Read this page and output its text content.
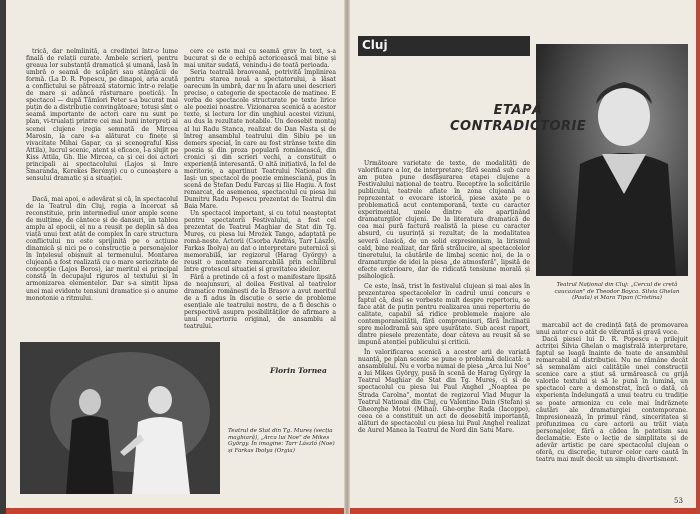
trică, dar neîmlinită, a credinței într-o lume finală de relații curate. Ambele scrieri, pentru greaua lor substanță dramatică și umană, lasă în umbră o seamă de scăpări sau stângăcii de formă. (La D. R. Popescu, pe dinapoi, aria acută a conflictului se pătrează statornic într-o relație de mare și adâncă răsturnare poetică). În spectacol — după Tămîori Peter s-a bucurat mai puțin de a distribuție convingătoare; totuși sînt o seamă importante de actori care nu sunt pe plan, vi-trualați printre cei mai buni interpreți ai scenei clujene (regia semnată de Mircea Marosin, la care s-a alăturat cu finețe și vivacitate Mihai Gapar, ca și scenograful Kiss Attila), lucrul scenic, atent și eficace, l-a slujit pe Kiss Attila, Gh. Ilie Mircea, ca și cei doi actori principali ai spectacolului (Lajos și Imre Smaranda, Kerekes Berényi) cu o cunoaștere a sensului dramatic și a situației.

Dacă, mai apoi, e adevărat și că, în spectacolul de la Teatrul din Cluj, regia a încercat să reconstituie, prin intermediul unor ample scene de mulțime, de cântece și de dansuri, un tablou amplu al epocii, el nu a reușit pe deplin să dea viață unui text atât de complex în care structura conflictului nu este sprijinită pe o acțiune dinamică și nici pe o construcție a personajelor în înțelesul obișnuit al termenului. Montarea clujeană a fost realizată cu o mare seriozitate de concepție (Lajos Boros), iar meritul ei principal constă în decupajul riguros al textului și în armonizarea elementelor. Dar s-a simțit lipsa unei mai evidente tensiuni dramatice și o anume monotonie a ritmului.

cere ce este mai cu seamă grav în text, s-a bucurat și de o echipă actoricească mai bine și mai unitar sudată, venindu-i de toată perioada.

Seria teatrală braoveană, potrivită împlinirea pentru starea nouă a spectatorului, a lăsat oarecum în umbră, dar nu în afara unei descrieri precise, o categorie de spectacole de matinee. E vorba de spectacole structurate pe texte lirice ale poeziei noastre. Vizionarea scenică a acestor texte, și lectura lor din unghiul acestei viziuni, au dus la rezultate notabile. Un deosebit montaj al lui Radu Stanca, realizat de Dan Nasta și de întreg ansamblul teatrului din Sibiu pe un demers special, în care au fost strânse texte din poezia și din proza populară românească, din cronici și din scrieri vechi, a constituit o experiență interesantă. O altă inițiativă, la fel de meritorie, a aparținut Teatrului Național din Iași: un spectacol de poezie eminesciană, pus în scenă de Ștefan Dedu Farcaș și Ilie Hagiu. A fost remarcat, de asemenea, spectacolul cu piesa lui Dumitru Radu Popescu prezentat de Teatrul din Baia Mare.

Un spectacol important, și cu totul neașteptat pentru spectatorii Festivalului, a fost cel prezentat de Teatrul Maghiar de Stat din Tg. Mureș, cu piesa lui Mrożek Tango, adaptată pe româ-nește. Actorii (Csorba András, Tarr László, Farkas Ibolya) au dat o interpretare puternică și memorabilă, iar regizorul (Harag György) a reușit o montare remarcabilă prin echilibrul între grotescul situației și gravitatea ideilor.

Fără a pretinde că a fost o manifestare lipsită de neajunsuri, al doilea Festival al teatrelor dramatice românești de la Brașov a avut meritul de a fi adus în discuție o serie de probleme esențiale ale teatrului nostru, de a fi deschis o perspectivă asupra posibilităților de afirmare a unui repertoriu original, de ansamblu al teatrului.

Florin Tornea
Teatrul de Stat din Tg. Mureș (secția maghiară), „Arca lui Noe" de Mikes György. În imagine: Tarr László (Noe) și Farkas Ibolya (Orgia)
Cluj
Teatrul Național din Cluj: „Cercul de cretă caucazian" de Theodor Boyca. Silvia Ghelan (Paula) și Mara Tipan (Cristina)
ETAPĂ
CONTRADICTORIE

Următoare varietate de texte, de modalități de valorificare a lor, de interpretare; fără seamă sub care am putea pune desfășurarea etapei clujene a Festivalului național de teatru. Receptive la solicitările publicului, teatrele afiate în zona clujeană au reprezentat o evocare istorică, piese axate pe o problematică acut contemporană, texte cu caracter experimental, unele dintre ele aparținând dramaturgilor clujeni. De la literatura dramatică de cea mai pură factură realistă la piese cu caracter absurd, cu ușurință și rezultat; de la modalitatea severă clasică, de un solid expresionism, la lirismul cald, bine realizat, dar fără strălucire, al spectacolelor tineretului, la căutările de limbaj scenic noi, de la o dramaturgie de idei la piesa „de atmosferă", lipsită de efecte exterioare, dar de ridicată tensiune morală și psihologică.

Ce este, însă, trist în festivalul clujean și mai ales în prezentarea spectacolelor în cadrul unui concurs e faptul că, deși se vorbește mult despre repertoriu, se face atât de puțin pentru realizarea unui repertoriu de calitate, capabil să ridice problemele majore ale contemporaneității, fără compromisuri, fără înclinații spre melodramă sau spre ușurătate. Sub acest raport, dintre piesele prezentate, doar câteva au reușit să se impună atenției publicului și criticii.

În valorificarea scenică a acestor arii de variată nuanță, pe plan scenic se pune o problemă delicată: a ansamblului. Nu e vorba numai de piesa „Arca lui Noe" a lui Mikes György, pusă în scenă de Harag György la Teatrul Maghiar de Stat din Tg. Mureș, ci și de spectacolul cu piesa lui Paul Anghel „Noaptea pe Strada Carolna", montat de regizorul Vlad Mugur la Teatrul Național din Cluj, cu Valentino Dain (Ștefan) și Gheorghe Motoi (Mihai). Ghe-orghe Rada (Iacoppo), ceea ce a constituit un act de deosebită importanță, alături de spectacolul cu piesa lui Paul Anghel realizat de Aurel Manea la Teatrul de Nord din Satu Mare.

marcabil act de credință față de promovarea unui autor cu o atât de vibrantă și gravă voce.

Dacă piesei lui D. R. Popescu a prilejuit actriței Silvia Ghelan o magistrală interpretare, faptul se leagă înainte de toate de ansamblul remarcabil al distribuției. Nu ne rămâne decât să semnalăm aici calitățile unei construcții scenice care a știut să urmărească cu grijă valorile textului și să le pună în lumină, un spectacol care a demonstrat, încă o dată, că experiența îndelungată a unui teatru cu tradiție se poate armoniza cu cele mai îndrăznețe căutări ale dramaturgiei contemporane. Impresionează, în primul rând, sinceritatea și profunzimea cu care actorii au trăit viața personajelor, fără a cădea în patetism sau declamație. Este o lecție de simplitate și de adevăr artistic pe care spectacolul clujean o oferă, cu discreție, tuturor celor care caută în teatru mai mult decât un simplu divertisment.

53
